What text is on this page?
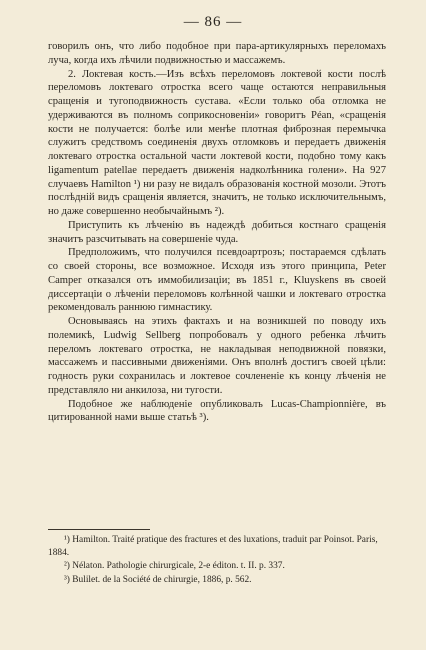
— 86 —

говорилъ онъ, что либо подобное при пара-артикулярныхъ переломахъ луча, когда ихъ лѣчили подвижностью и массажемъ.

2. Локтевая кость.—Изъ всѣхъ переломовъ локтевой кости послѣ переломовъ локтеваго отростка всего чаще остаются неправильныя сращенія и тугоподвижность сустава. «Если только оба отломка не удерживаются въ полномъ соприкосновеніи» говоритъ Péan, «сращенія кости не получается: болѣе или менѣе плотная фиброзная перемычка служитъ средствомъ соединенія двухъ отломковъ и передаетъ движенія локтеваго отростка остальной части локтевой кости, подобно тому какъ ligamentum patellae передаетъ движенія надколѣнника голени». На 927 случаевъ Hamilton ¹) ни разу не видалъ образованія костной мозоли. Этотъ послѣдній видъ сращенія является, значитъ, не только исключительнымъ, но даже совершенно необычайнымъ ²).

Приступить къ лѣченію въ надеждѣ добиться костнаго сращенія значитъ разсчитывать на совершеніе чуда.

Предположимъ, что получился псевдоартрозъ; постараемся сдѣлать со своей стороны, все возможное. Исходя изъ этого принципа, Peter Camper отказался отъ иммобилизаціи; въ 1851 г., Kluyskens въ своей диссертаціи о лѣченіи переломовъ колѣнной чашки и локтеваго отростка рекомендовалъ раннюю гимнастику.

Основываясь на этихъ фактахъ и на возникшей по поводу ихъ полемикѣ, Ludwig Sellberg попробовалъ у одного ребенка лѣчить переломъ локтеваго отростка, не накладывая неподвижной повязки, массажемъ и пассивными движеніями. Онъ вполнѣ достигъ своей цѣли: годность руки сохранилась и локтевое сочлененіе къ концу лѣченія не представляло ни анкилоза, ни тугости.

Подобное же наблюденіе опубликовалъ Lucas-Championnière, въ цитированной нами выше статьѣ ³).

¹) Hamilton. Traité pratique des fractures et des luxations, traduit par Poinsot. Paris, 1884.
²) Nélaton. Pathologie chirurgicale, 2-e éditon. t. II. p. 337.
³) Bulilet. de la Société de chirurgie, 1886, p. 562.
